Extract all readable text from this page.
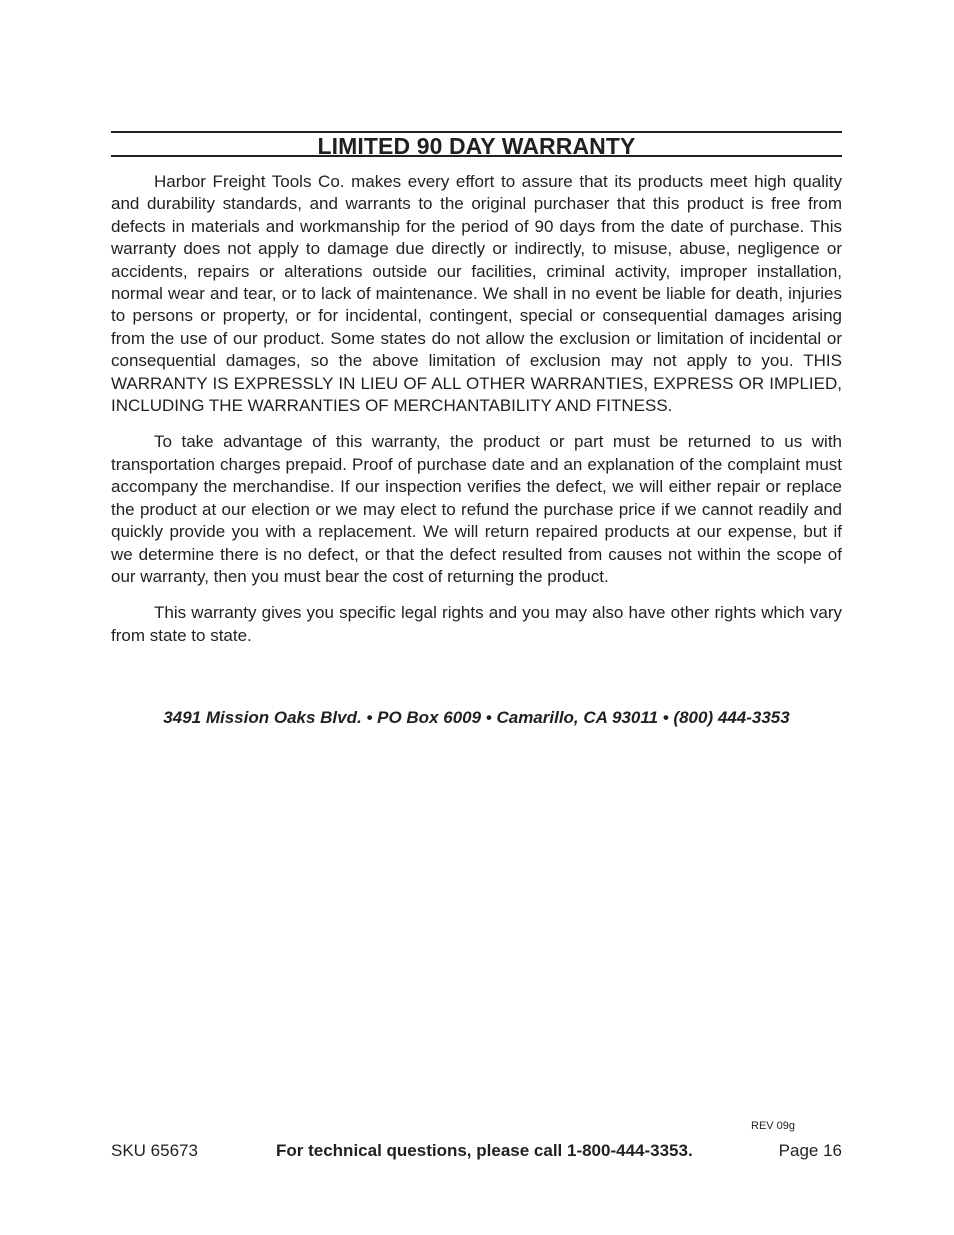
LIMITED 90 DAY WARRANTY

Harbor Freight Tools Co. makes every effort to assure that its products meet high quality and durability standards, and warrants to the original purchaser that this product is free from defects in materials and workmanship for the period of 90 days from the date of purchase. This warranty does not apply to damage due directly or indirectly, to misuse, abuse, negligence or accidents, repairs or alterations outside our facilities, criminal activity, improper installation, normal wear and tear, or to lack of maintenance. We shall in no event be liable for death, injuries to persons or property, or for incidental, contingent, special or consequential damages arising from the use of our product. Some states do not allow the exclusion or limitation of incidental or consequential damages, so the above limitation of exclusion may not apply to you. THIS WARRANTY IS EXPRESSLY IN LIEU OF ALL OTHER WARRANTIES, EXPRESS OR IMPLIED, INCLUDING THE WARRANTIES OF MERCHANTABILITY AND FITNESS.

To take advantage of this warranty, the product or part must be returned to us with transportation charges prepaid. Proof of purchase date and an explanation of the complaint must accompany the merchandise. If our inspection verifies the defect, we will either repair or replace the product at our election or we may elect to refund the purchase price if we cannot readily and quickly provide you with a replacement. We will return repaired products at our expense, but if we determine there is no defect, or that the defect resulted from causes not within the scope of our warranty, then you must bear the cost of returning the product.

This warranty gives you specific legal rights and you may also have other rights which vary from state to state.

3491 Mission Oaks Blvd. • PO Box 6009 • Camarillo, CA 93011 • (800) 444-3353
REV 09g
SKU 65673	For technical questions, please call 1-800-444-3353.	Page 16
